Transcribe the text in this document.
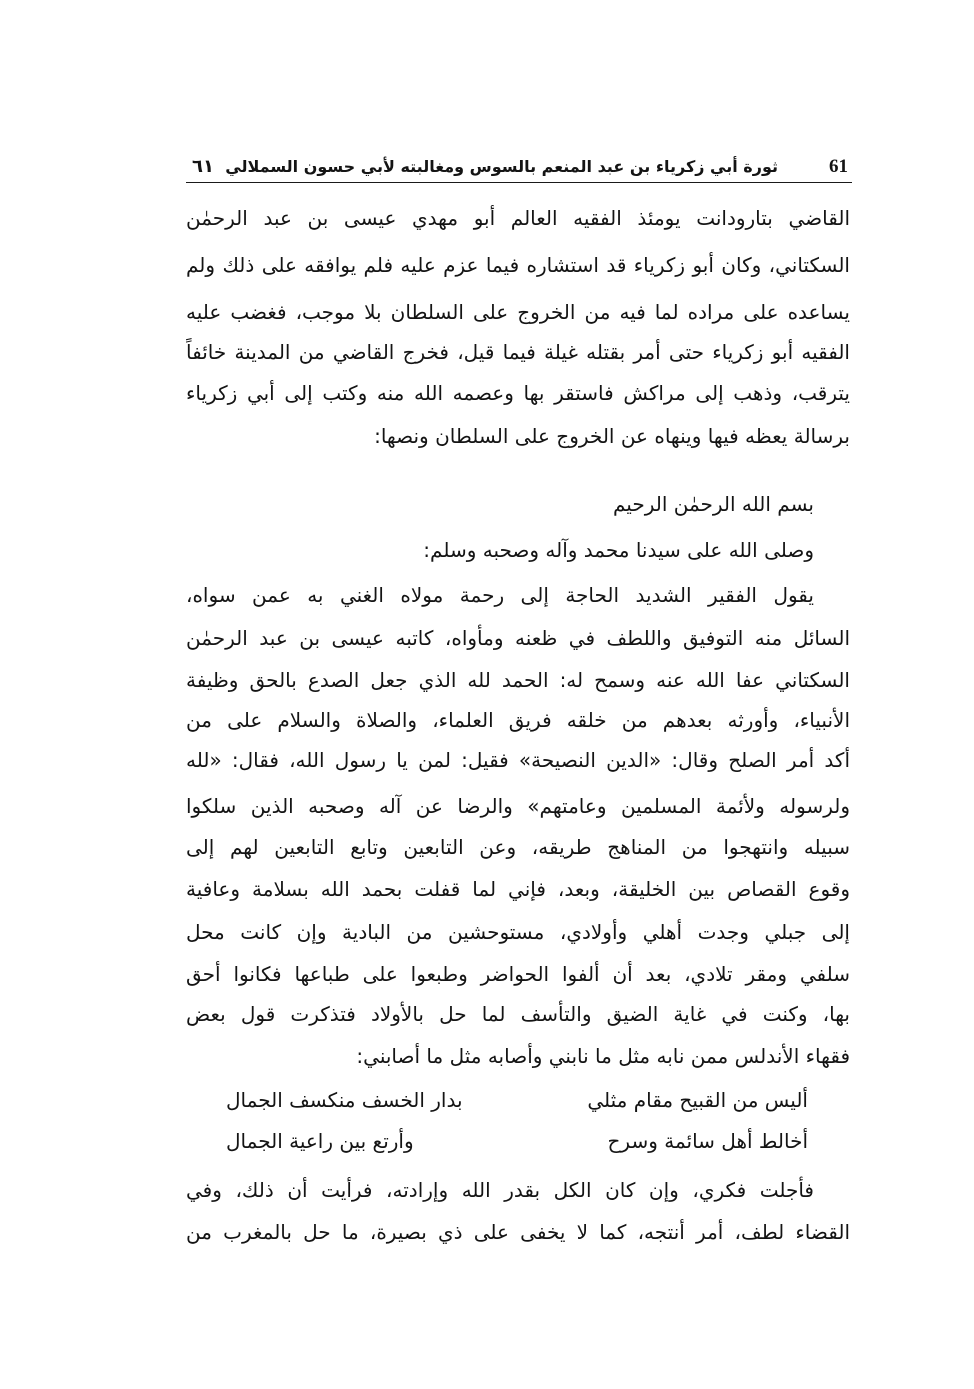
٦١ ثورة أبي زكرياء بن عبد المنعم بالسوس ومغالبته لأبي حسون السملالي	61
القاضي بتارودانت يومئذ الفقيه العالم أبو مهدي عيسى بن عبد الرحمٰن
السكتاني، وكان أبو زكرياء قد استشاره فيما عزم عليه فلم يوافقه على ذلك ولم
يساعده على مراده لما فيه من الخروج على السلطان بلا موجب، فغضب عليه
الفقيه أبو زكرياء حتى أمر بقتله غيلة فيما قيل، فخرج القاضي من المدينة خائفاً
يترقب، وذهب إلى مراكش فاستقر بها وعصمه الله منه وكتب إلى أبي زكرياء
برسالة يعظه فيها وينهاه عن الخروج على السلطان ونصها:
بسم الله الرحمٰن الرحيم
وصلى الله على سيدنا محمد وآله وصحبه وسلم:
يقول الفقير الشديد الحاجة إلى رحمة مولاه الغني به عمن سواه،
السائل منه التوفيق واللطف في ظعنه ومأواه، كاتبه عيسى بن عبد الرحمٰن
السكتاني عفا الله عنه وسمح له: الحمد لله الذي جعل الصدع بالحق وظيفة
الأنبياء، وأورثه بعدهم من خلقه فريق العلماء، والصلاة والسلام على من
أكد أمر الصلح وقال: «الدين النصيحة» فقيل: لمن يا رسول الله، فقال: «لله
ولرسوله ولأئمة المسلمين وعامتهم» والرضا عن آله وصحبه الذين سلكوا
سبيله وانتهجوا من المناهج طريقه، وعن التابعين وتابع التابعين لهم إلى
وقوع القصاص بين الخليقة، وبعد، فإني لما قفلت بحمد الله بسلامة وعافية
إلى جبلي وجدت أهلي وأولادي، مستوحشين من البادية وإن كانت محل
سلفي ومقر تلادي، بعد أن ألفوا الحواضر وطبعوا على طباعها فكانوا أحق
بها، وكنت في غاية الضيق والتأسف لما حل بالأولاد فتذكرت قول بعض
فقهاء الأندلس ممن نابه مثل ما نابني وأصابه مثل ما أصابني:
أليس من القبيح مقام مثلي
بدار الخسف منكسف الجمال
أخالط أهل سائمة وسرح
وأرتع بين راعية الجمال
فأجلت فكري، وإن كان الكل بقدر الله وإرادته، فرأيت أن ذلك، وفي
القضاء لطف، أمر أنتجه، كما لا يخفى على ذي بصيرة، ما حل بالمغرب من
